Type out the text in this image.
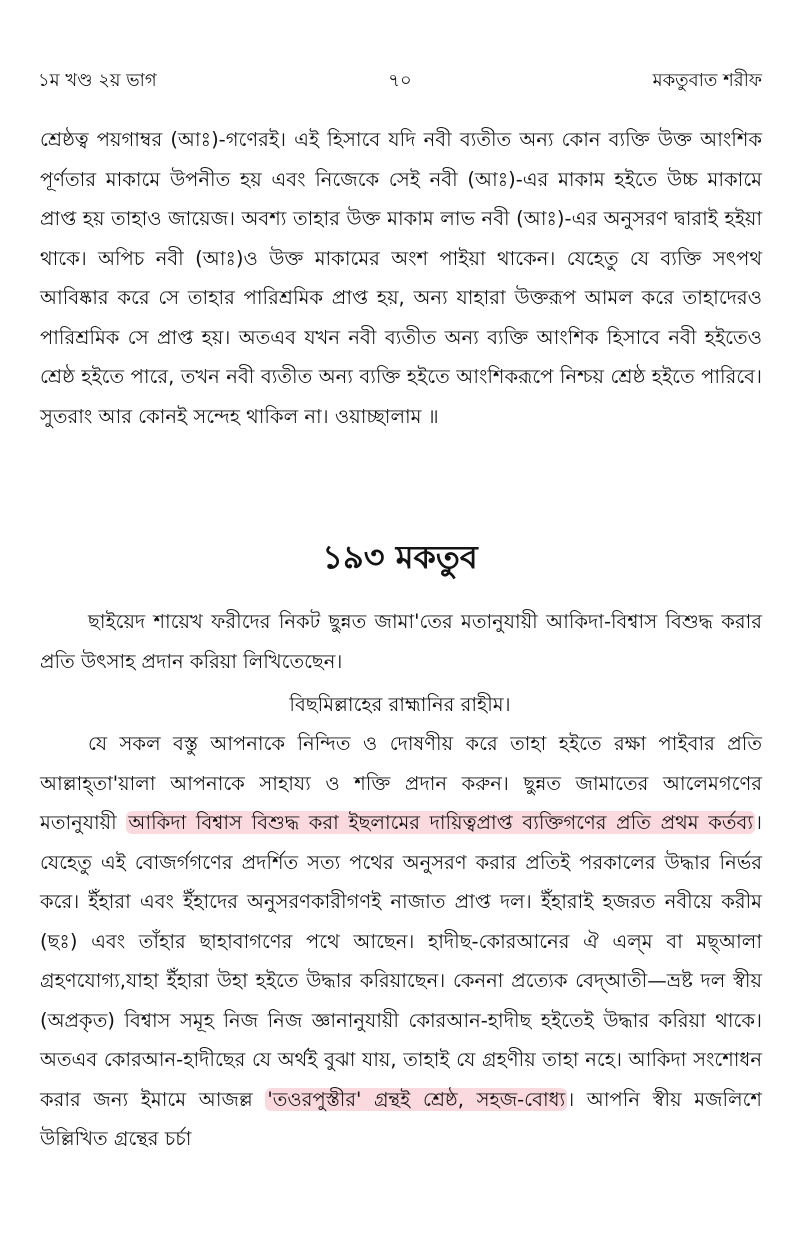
১ম খণ্ড ২য় ভাগ	৭০	মকতুবাত শরীফ

শ্রেষ্ঠত্ব পয়গাম্বর (আঃ)-গণেরই। এই হিসাবে যদি নবী ব্যতীত অন্য কোন ব্যক্তি উক্ত আংশিক পূর্ণতার মাকামে উপনীত হয় এবং নিজেকে সেই নবী (আঃ)-এর মাকাম হইতে উচ্চ মাকামে প্রাপ্ত হয় তাহাও জায়েজ। অবশ্য তাহার উক্ত মাকাম লাভ নবী (আঃ)-এর অনুসরণ দ্বারাই হইয়া থাকে। অপিচ নবী (আঃ)ও উক্ত মাকামের অংশ পাইয়া থাকেন। যেহেতু যে ব্যক্তি সৎপথ আবিষ্কার করে সে তাহার পারিশ্রমিক প্রাপ্ত হয়, অন্য যাহারা উক্তরূপ আমল করে তাহাদেরও পারিশ্রমিক সে প্রাপ্ত হয়। অতএব যখন নবী ব্যতীত অন্য ব্যক্তি আংশিক হিসাবে নবী হইতেও শ্রেষ্ঠ হইতে পারে, তখন নবী ব্যতীত অন্য ব্যক্তি হইতে আংশিকরূপে নিশ্চয় শ্রেষ্ঠ হইতে পারিবে। সুতরাং আর কোনই সন্দেহ থাকিল না। ওয়াচ্ছালাম ॥

১৯৩ মকতুব

ছাইয়েদ শায়েখ ফরীদের নিকট ছুন্নত জামা'তের মতানুযায়ী আকিদা-বিশ্বাস বিশুদ্ধ করার প্রতি উৎসাহ প্রদান করিয়া লিখিতেছেন।

বিছমিল্লাহের রাহ্মানির রাহীম।

যে সকল বস্তু আপনাকে নিন্দিত ও দোষণীয় করে তাহা হইতে রক্ষা পাইবার প্রতি আল্লাহ্তা'য়ালা আপনাকে সাহায্য ও শক্তি প্রদান করুন। ছুন্নত জামাতের আলেমগণের মতানুযায়ী আকিদা বিশ্বাস বিশুদ্ধ করা ইছলামের দায়িত্বপ্রাপ্ত ব্যক্তিগণের প্রতি প্রথম কর্তব্য । যেহেতু এই বোজর্গগণের প্রদর্শিত সত্য পথের অনুসরণ করার প্রতিই পরকালের উদ্ধার নির্ভর করে। ইঁহারা এবং ইঁহাদের অনুসরণকারীগণই নাজাত প্রাপ্ত দল। ইঁহারাই হজরত নবীয়ে করীম (ছঃ) এবং তাঁহার ছাহাবাগণের পথে আছেন। হাদীছ-কোরআনের ঐ এল্‌ম বা মছ্আলা গ্রহণযোগ্য,যাহা ইঁহারা উহা হইতে উদ্ধার করিয়াছেন। কেননা প্রত্যেক বেদ্আতী—ভ্রষ্ট দল স্বীয় (অপ্রকৃত) বিশ্বাস সমূহ নিজ নিজ জ্ঞানানুযায়ী কোরআন-হাদীছ হইতেই উদ্ধার করিয়া থাকে। অতএব কোরআন-হাদীছের যে অর্থই বুঝা যায়, তাহাই যে গ্রহণীয় তাহা নহে। আকিদা সংশোধন করার জন্য ইমামে আজল্ল 'তওরপুস্তীর' গ্রন্থই শ্রেষ্ঠ, সহজ-বোধ্য । আপনি স্বীয় মজলিশে উল্লিখিত গ্রন্থের চর্চা
